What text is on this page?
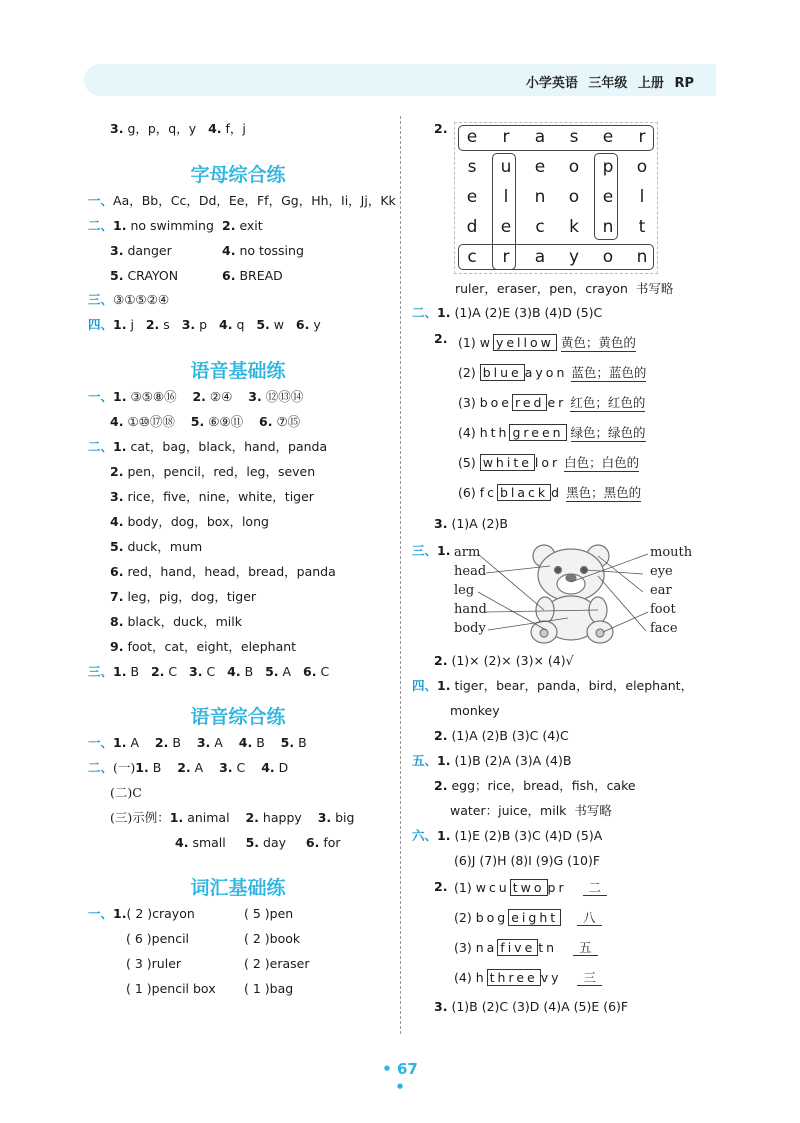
小学英语 三年级 上册 RP
3. g，p，q，y 4. f，j
字母综合练
一、Aa，Bb，Cc，Dd，Ee，Ff，Gg，Hh，Ii，Jj，Kk
二、1. no swimming 2. exit
3. danger	4. no tossing
5. CRAYON	6. BREAD
三、③①⑤②④
四、1. j 2. s 3. p 4. q 5. w 6. y
语音基础练
一、1. ③⑤⑧⑯ 2. ②④ 3. ⑫⑬⑭
4. ①⑩⑰⑱ 5. ⑥⑨⑪ 6. ⑦⑮
二、1. cat，bag，black，hand，panda
2. pen，pencil，red，leg，seven
3. rice，five，nine，white，tiger
4. body，dog，box，long
5. duck，mum
6. red，hand，head，bread，panda
7. leg，pig，dog，tiger
8. black，duck，milk
9. foot，cat，eight，elephant
三、1. B 2. C 3. C 4. B 5. A 6. C
语音综合练
一、1. A 2. B 3. A 4. B 5. B
二、(一)1. B 2. A 3. C 4. D
(二)C
(三)示例：1. animal 2. happy 3. big
4. small 5. day 6. for
词汇基础练
一、1.( 2 )crayon	( 5 )pen
( 6 )pencil	( 2 )book
( 3 )ruler	( 2 )eraser
( 1 )pencil box ( 1 )bag
2.	e	r	a	s	e	r
s	u	e	o	p	o
e	l	n	o	e	l
d	e	c	k	n	t
c	r	a	y	o	n
ruler，eraser，pen，crayon 书写略
二、1. (1)A (2)E (3)B (4)D (5)C
2. (1) w yellow 黄色；黄色的
(2) blue ayon 蓝色；蓝色的
(3) boe red er 红色；红色的
(4) hth green 绿色；绿色的
(5) white lor 白色；白色的
(6) fc black d 黑色；黑色的
3. (1)A (2)B
三、1. arm
head
leg
hand
body
mouth
eye
ear
foot
face
2. (1)× (2)× (3)× (4)√
四、1. tiger，bear，panda，bird，elephant，
monkey
2. (1)A (2)B (3)C (4)C
五、1. (1)B (2)A (3)A (4)B
2. egg；rice，bread，fish，cake
water：juice，milk 书写略
六、1. (1)E (2)B (3)C (4)D (5)A
(6)J (7)H (8)I (9)G (10)F
2. (1) wcu two pr 二
(2) bog eight 八
(3) na five tn 五
(4) h three vy 三
3. (1)B (2)C (3)D (4)A (5)E (6)F
• 67 •
